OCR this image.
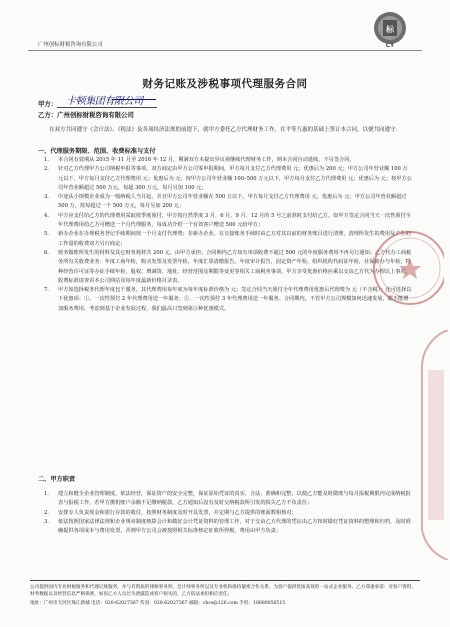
广州创标财税咨询有限公司
标
CY
财务记账及涉税事项代理服务合同
甲方： 卡顿集团有限公司
乙方：广州创标财税咨询有限公司
在双方共同遵守《会计法》、《税法》及各项经济法规的前提下，就甲方委托乙方代理财务工作，在平等互惠的基础上签订本合同，以便共同遵守：
一、代理服务期限、范围、收费标准与支付
1. 本合同有效期从 2015 年 11 月至 2016 年 12 月，期满双方未提出异议视继续代理财务工作，则本合同自动延续，不另签合同。
2. 针对乙方代理甲方公司纳税申报等事项，双方商定由甲方公司零申报期间，甲方每月支付乙方代理费用 元；优惠后为 200 元；甲方公司年营业额 100 万元以下，甲方每月支付乙方代理费用 元；优惠后为 元；按甲方公司年营业额 100–500 万元以下，甲方每月支付乙方代理费用 元；优惠后为 元；按甲方公司年营业额超过 500 万元，每超 300 万元，每月另加 100 元；
3. 中途从小规模企业成为一般纳税人当月起，并且甲方公司年营业额在 500 万以下，甲方每月支付乙方代理费用 元，优惠后为 元；甲方公司年营业额超过 500 万，按每超过一个 500 万元，每月另加 200 元；
4. 甲方应支付给乙方的代理费用采取按季度预付，甲方按自然季度 3 月、6 月、9 月、12 月的 5 号之前准时支付给乙方。如甲方签定合同当天一次性预付全年代理费用给乙方可赠送一个月代理服务，每成功介绍一个有效客户赠送 500 元给甲方；
5. 新办企业在办理税务登记手续期间按一个月支付代理费；非新办企业，在交接账务手续时由乙方对其以前的财务账目进行清理，清理所发生的费用及产生的工作量的收费双方另行商定；
6. 财务做账所发生的材料及其它财务耗材共 200 元，由甲方承担；合同期内乙方如有单项收费不超过 500 元的年度服务费用不再另行通知；乙方代办工商税务所有关收费业务：年度工商年检，购买发票及发票年检，年度汇算清缴报告，年度审计报告，固定资产年检，组织机构代码证年检，社保新办与年检，特种经营许可证等办证手续年检，股权、增减资、地址、经营范围及期限等变更等相关工商税务事项，甲方享受优惠价格应乘以交由乙方代为办理以上事项，收费标准请查看本公司网站及每年度最新价格目录表。
7. 甲方如选择税务代理年度包干服务，其代理费用每年度为每年度标准价格为 元；签定合同当天预付全年代理费用优惠后代理费为 元（不含税）；还可选择以下优惠项：①、一次性预付 2 年代理费用送一年服务；②、一次性预付 3 年代理费用送一年服务。合同期内，不管甲方公司规模如何迅速发展，都不能增加服务费用。考虑到基于企业发展过程，我们最高只签到第③种优惠模式。
二、甲方职责
1. 建立和健全企业管理制度，依法经营，保证资产的安全完整，保证原始凭证的真实、合法、准确和完整，以便乙方能及时做账与每月报税期限内完成纳税报表与报税工作，若甲方携机账户余额不足缴纳税款，乙方通知后没有及时交纳税款所引发的损失乙方不负责任；
2. 安排专人负责现金和银行存款的收付，按照财务制度及时开具发票，并定期与乙方提供的账面数相核对；
3. 依法按照国家法律法规和企业规章制度核算会计和做好会计凭证资料的管理工作，对于交由乙方代理的凭证由乙方按时做好凭证资料的整理和归档，及时准确提供各项成本与费用发票，否则甲方公司会被按照相关标准核定征收所得税，费用由甲方负责；
公司提供国内专业财税服务和代理记账服务，并与有资质的律师事务所、会计师事务所以及专业机构保持紧密合作关系，为客户提供优质高效的一站式企业服务。乙方郑重承诺：对客户资料、财务数据以及经营信息严格保密，如因乙方人员过失泄露造成客户损失的，乙方依法承担相应责任。
地址：广州市天河区珠江新城 电话：020-62027367 传真：020-62027367 邮箱：cbcs@126.com 手机：18680056515
